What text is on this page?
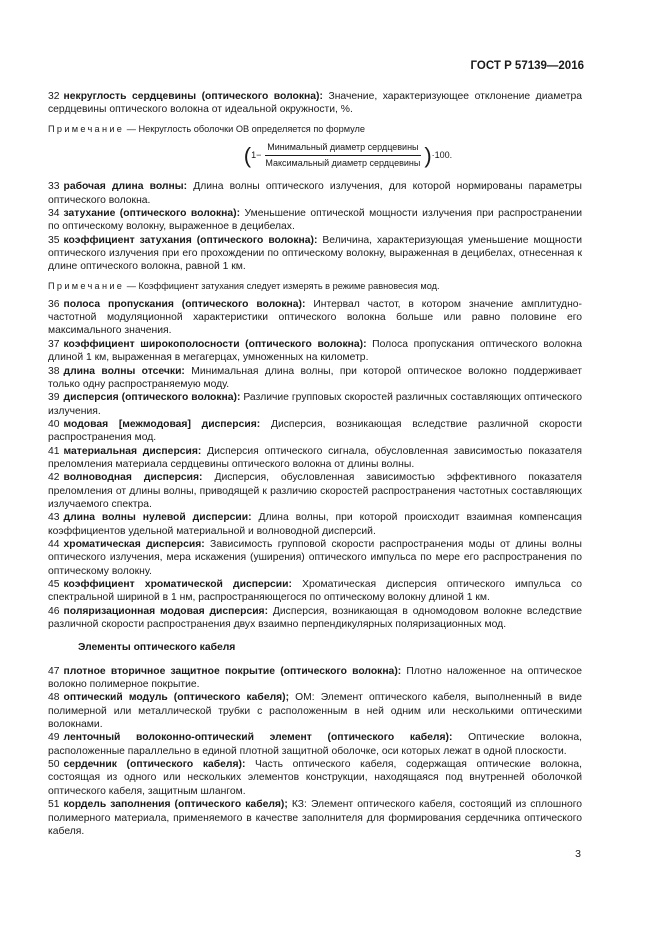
ГОСТ Р 57139—2016

32 некруглость сердцевины (оптического волокна): Значение, характеризующее отклонение диаметра сердцевины оптического волокна от идеальной окружности, %.

Примечание — Некруглость оболочки ОВ определяется по формуле
( $1- \frac{\text{Минимальный диаметр сердцевины}}{\text{Максимальный диаметр сердцевины}}$ ) ·100.

33 рабочая длина волны: Длина волны оптического излучения, для которой нормированы параметры оптического волокна.

34 затухание (оптического волокна): Уменьшение оптической мощности излучения при распространении по оптическому волокну, выраженное в децибелах.

35 коэффициент затухания (оптического волокна): Величина, характеризующая уменьшение мощности оптического излучения при его прохождении по оптическому волокну, выраженная в децибелах, отнесенная к длине оптического волокна, равной 1 км.

Примечание — Коэффициент затухания следует измерять в режиме равновесия мод.

36 полоса пропускания (оптического волокна): Интервал частот, в котором значение амплитудно-частотной модуляционной характеристики оптического волокна больше или равно половине его максимального значения.

37 коэффициент широкополосности (оптического волокна): Полоса пропускания оптического волокна длиной 1 км, выраженная в мегагерцах, умноженных на километр.

38 длина волны отсечки: Минимальная длина волны, при которой оптическое волокно поддерживает только одну распространяемую моду.

39 дисперсия (оптического волокна): Различие групповых скоростей различных составляющих оптического излучения.

40 модовая [межмодовая] дисперсия: Дисперсия, возникающая вследствие различной скорости распространения мод.

41 материальная дисперсия: Дисперсия оптического сигнала, обусловленная зависимостью показателя преломления материала сердцевины оптического волокна от длины волны.

42 волноводная дисперсия: Дисперсия, обусловленная зависимостью эффективного показателя преломления от длины волны, приводящей к различию скоростей распространения частотных составляющих излучаемого спектра.

43 длина волны нулевой дисперсии: Длина волны, при которой происходит взаимная компенсация коэффициентов удельной материальной и волноводной дисперсий.

44 хроматическая дисперсия: Зависимость групповой скорости распространения моды от длины волны оптического излучения, мера искажения (уширения) оптического импульса по мере его распространения по оптическому волокну.

45 коэффициент хроматической дисперсии: Хроматическая дисперсия оптического импульса со спектральной шириной в 1 нм, распространяющегося по оптическому волокну длиной 1 км.

46 поляризационная модовая дисперсия: Дисперсия, возникающая в одномодовом волокне вследствие различной скорости распространения двух взаимно перпендикулярных поляризационных мод.

Элементы оптического кабеля

47 плотное вторичное защитное покрытие (оптического волокна): Плотно наложенное на оптическое волокно полимерное покрытие.

48 оптический модуль (оптического кабеля); ОМ: Элемент оптического кабеля, выполненный в виде полимерной или металлической трубки с расположенным в ней одним или несколькими оптическими волокнами.

49 ленточный волоконно-оптический элемент (оптического кабеля): Оптические волокна, расположенные параллельно в единой плотной защитной оболочке, оси которых лежат в одной плоскости.

50 сердечник (оптического кабеля): Часть оптического кабеля, содержащая оптические волокна, состоящая из одного или нескольких элементов конструкции, находящаяся под внутренней оболочкой оптического кабеля, защитным шлангом.

51 кордель заполнения (оптического кабеля); КЗ: Элемент оптического кабеля, состоящий из сплошного полимерного материала, применяемого в качестве заполнителя для формирования сердечника оптического кабеля.

3
